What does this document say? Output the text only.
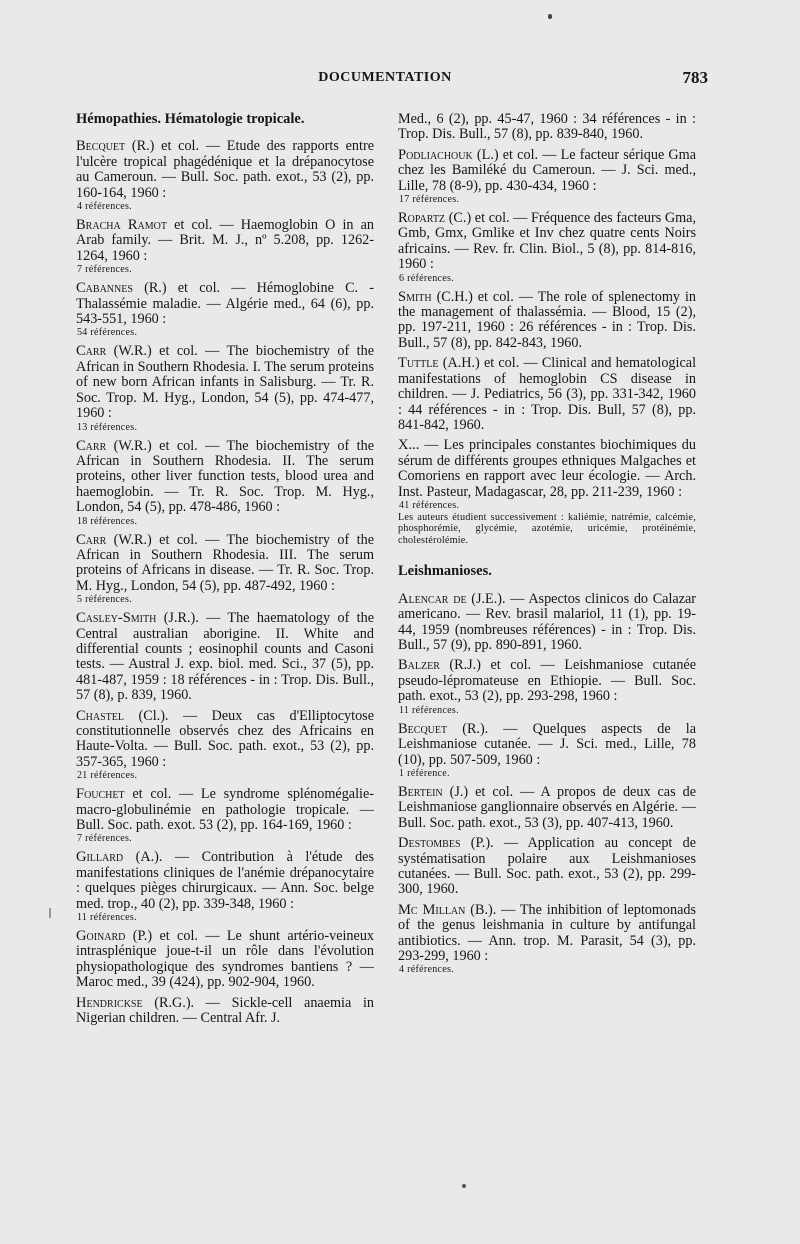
DOCUMENTATION	783
Hémopathies. Hématologie tropicale.
Becquet (R.) et col. — Etude des rapports entre l'ulcère tropical phagédénique et la drépanocytose au Cameroun. — Bull. Soc. path. exot., 53 (2), pp. 160-164, 1960 :
4 références.
Bracha Ramot et col. — Haemoglobin O in an Arab family. — Brit. M. J., nº 5.208, pp. 1262-1264, 1960 :
7 références.
Cabannes (R.) et col. — Hémoglobine C. - Thalassémie maladie. — Algérie med., 64 (6), pp. 543-551, 1960 :
54 références.
Carr (W.R.) et col. — The biochemistry of the African in Southern Rhodesia. I. The serum proteins of new born African infants in Salisburg. — Tr. R. Soc. Trop. M. Hyg., London, 54 (5), pp. 474-477, 1960 :
13 références.
Carr (W.R.) et col. — The biochemistry of the African in Southern Rhodesia. II. The serum proteins, other liver function tests, blood urea and haemoglobin. — Tr. R. Soc. Trop. M. Hyg., London, 54 (5), pp. 478-486, 1960 :
18 références.
Carr (W.R.) et col. — The biochemistry of the African in Southern Rhodesia. III. The serum proteins of Africans in disease. — Tr. R. Soc. Trop. M. Hyg., London, 54 (5), pp. 487-492, 1960 :
5 références.
Casley-Smith (J.R.). — The haematology of the Central australian aborigine. II. White and differential counts ; eosinophil counts and Casoni tests. — Austral J. exp. biol. med. Sci., 37 (5), pp. 481-487, 1959 : 18 références - in : Trop. Dis. Bull., 57 (8), p. 839, 1960.
Chastel (Cl.). — Deux cas d'Elliptocytose constitutionnelle observés chez des Africains en Haute-Volta. — Bull. Soc. path. exot., 53 (2), pp. 357-365, 1960 :
21 références.
Fouchet et col. — Le syndrome splénomégalie-macro-globulinémie en pathologie tropicale. — Bull. Soc. path. exot. 53 (2), pp. 164-169, 1960 :
7 références.
Gillard (A.). — Contribution à l'étude des manifestations cliniques de l'anémie drépanocytaire : quelques pièges chirurgicaux. — Ann. Soc. belge med. trop., 40 (2), pp. 339-348, 1960 :
11 références.
Goinard (P.) et col. — Le shunt artério-veineux intrasplénique joue-t-il un rôle dans l'évolution physiopathologique des syndromes bantiens ? — Maroc med., 39 (424), pp. 902-904, 1960.
Hendrickse (R.G.). — Sickle-cell anaemia in Nigerian children. — Central Afr. J.
Med., 6 (2), pp. 45-47, 1960 : 34 références - in : Trop. Dis. Bull., 57 (8), pp. 839-840, 1960.
Podliachouk (L.) et col. — Le facteur sérique Gma chez les Bamiléké du Cameroun. — J. Sci. med., Lille, 78 (8-9), pp. 430-434, 1960 :
17 références.
Ropartz (C.) et col. — Fréquence des facteurs Gma, Gmb, Gmx, Gmlike et Inv chez quatre cents Noirs africains. — Rev. fr. Clin. Biol., 5 (8), pp. 814-816, 1960 :
6 références.
Smith (C.H.) et col. — The role of splenectomy in the management of thalassémia. — Blood, 15 (2), pp. 197-211, 1960 : 26 références - in : Trop. Dis. Bull., 57 (8), pp. 842-843, 1960.
Tuttle (A.H.) et col. — Clinical and hematological manifestations of hemoglobin CS disease in children. — J. Pediatrics, 56 (3), pp. 331-342, 1960 : 44 références - in : Trop. Dis. Bull, 57 (8), pp. 841-842, 1960.
X... — Les principales constantes biochimiques du sérum de différents groupes ethniques Malgaches et Comoriens en rapport avec leur écologie. — Arch. Inst. Pasteur, Madagascar, 28, pp. 211-239, 1960 :
41 références.
Les auteurs étudient successivement : kaliémie, natrémie, calcémie, phosphorémie, glycémie, azotémie, uricémie, protéinémie, cholestérolémie.
Leishmanioses.
Alencar de (J.E.). — Aspectos clinicos do Calazar americano. — Rev. brasil malariol, 11 (1), pp. 19-44, 1959 (nombreuses références) - in : Trop. Dis. Bull., 57 (9), pp. 890-891, 1960.
Balzer (R.J.) et col. — Leishmaniose cutanée pseudo-lépromateuse en Ethiopie. — Bull. Soc. path. exot., 53 (2), pp. 293-298, 1960 :
11 références.
Becquet (R.). — Quelques aspects de la Leishmaniose cutanée. — J. Sci. med., Lille, 78 (10), pp. 507-509, 1960 :
1 référence.
Bertein (J.) et col. — A propos de deux cas de Leishmaniose ganglionnaire observés en Algérie. — Bull. Soc. path. exot., 53 (3), pp. 407-413, 1960.
Destombes (P.). — Application au concept de systématisation polaire aux Leishmanioses cutanées. — Bull. Soc. path. exot., 53 (2), pp. 299-300, 1960.
Mc Millan (B.). — The inhibition of leptomonads of the genus leishmania in culture by antifungal antibiotics. — Ann. trop. M. Parasit, 54 (3), pp. 293-299, 1960 :
4 références.
